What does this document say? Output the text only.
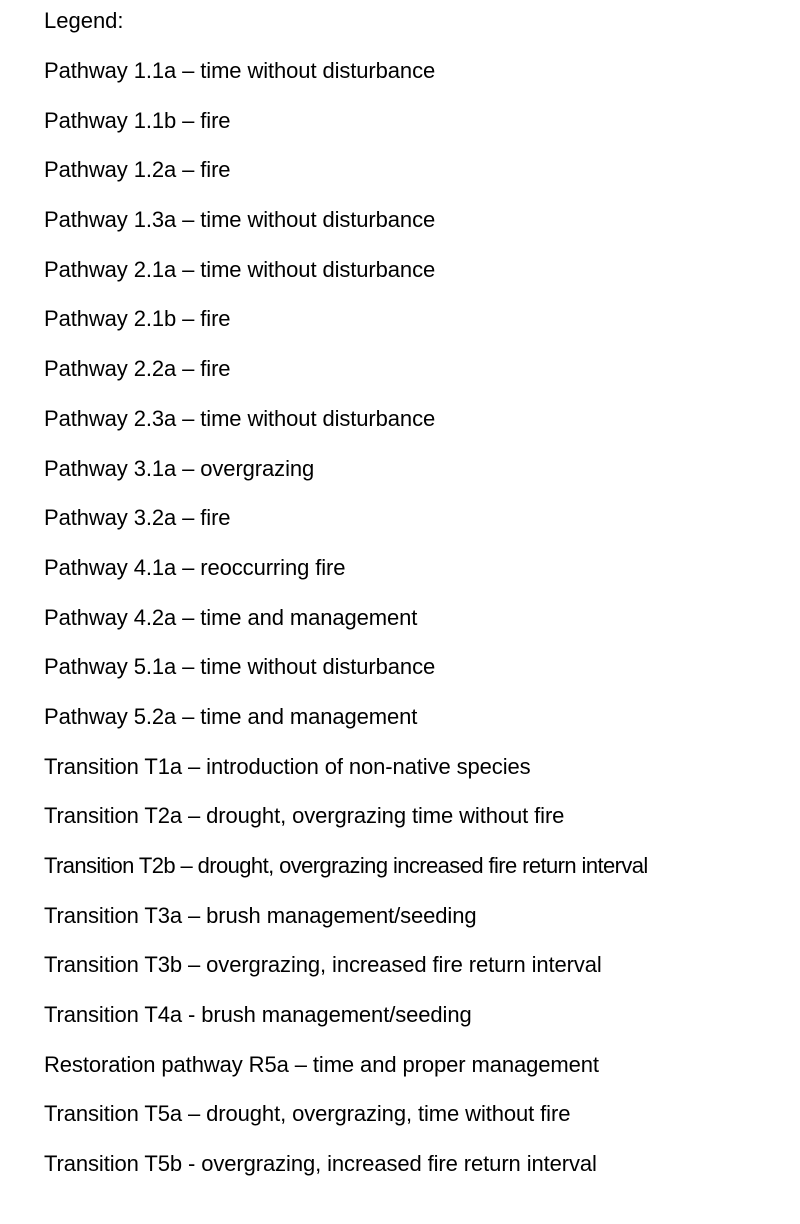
Legend:
Pathway 1.1a – time without disturbance
Pathway 1.1b – fire
Pathway 1.2a – fire
Pathway 1.3a – time without disturbance
Pathway 2.1a – time without disturbance
Pathway 2.1b – fire
Pathway 2.2a – fire
Pathway 2.3a – time without disturbance
Pathway 3.1a – overgrazing
Pathway 3.2a – fire
Pathway 4.1a – reoccurring fire
Pathway 4.2a – time and management
Pathway 5.1a – time without disturbance
Pathway 5.2a – time and management
Transition T1a – introduction of non-native species
Transition T2a – drought, overgrazing time without fire
Transition T2b – drought, overgrazing increased fire return interval
Transition T3a – brush management/seeding
Transition T3b – overgrazing, increased fire return interval
Transition T4a - brush management/seeding
Restoration pathway R5a – time and proper management
Transition T5a – drought, overgrazing, time without fire
Transition T5b - overgrazing, increased fire return interval
